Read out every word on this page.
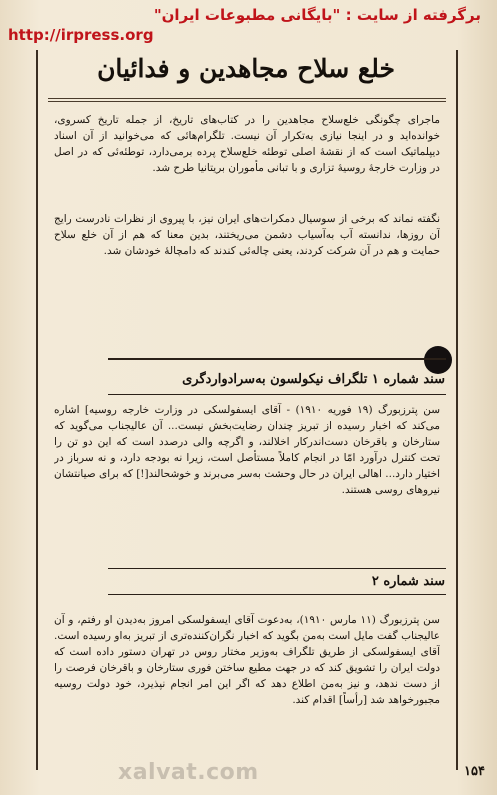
برگرفته از سایت : "بایگانی مطبوعات ایران"
http://irpress.org
خلع سلاح مجاهدین و فدائیان
ماجرای چگونگی خلع‌سلاح مجاهدین را در کتاب‌های تاریخ، از جمله تاریخ کسروی، خوانده‌اید و در اینجا نیازی به‌تکرار آن نیست. تلگرام‌هائی که می‌خوانید از آن اسناد دیپلماتیک است که از نقشهٔ اصلی توطئه خلع‌سلاح پرده برمی‌دارد، توطئه‌ئی که در اصل در وزارت خارجهٔ روسیهٔ تزاری و با تبانی مأموران بریتانیا طرح شد.
نگفته نماند که برخی از سوسیال دمکرات‌های ایران نیز، با پیروی از نظرات نادرست رایج آن روزها، ندانسته آب به‌آسیاب دشمن می‌ریختند، بدین معنا که هم از آن خلع سلاح حمایت و هم در آن شرکت کردند، یعنی چاله‌ئی کندند که دامچالهٔ خودشان شد.
سند شماره ۱ تلگراف نیکولسون به‌سرادواردگری
سن پترزبورگ (۱۹ فوریه ۱۹۱۰) - آقای ایسفولسکی در وزارت خارجه روسیه] اشاره می‌کند که اخبار رسیده از تبریز چندان رضایت‌بخش نیست... آن عالیجناب می‌گوید که ستارخان و باقرخان دست‌اندرکار اخلالند، و اگرچه والی درصدد است که این دو تن را تحت کنترل درآورد امّا در انجام کاملاً مستأصل است، زیرا نه بودجه دارد، و نه سرباز در اختیار دارد... اهالی ایران در حال وحشت به‌سر می‌برند و خوشحالند[!] که برای صیانتشان نیروهای روسی هستند.
سند شماره ۲
سن پترزبورگ (۱۱ مارس ۱۹۱۰)، به‌دعوت آقای ایسفولسکی امروز به‌دیدن او رفتم، و آن عالیجناب گفت مایل است به‌من بگوید که اخبار نگران‌کننده‌تری از تبریز به‌او رسیده است. آقای ایسفولسکی از طریق تلگراف به‌وزیر مختار روس در تهران دستور داده است که دولت ایران را تشویق کند که در جهت مطیع ساختن فوری ستارخان و باقرخان فرصت را از دست ندهد، و نیز به‌من اطلاع دهد که اگر این امر انجام نپذیرد، خود دولت روسیه مجبورخواهد شد [رأساً] اقدام کند.
xalvat.com	۱۵۴
